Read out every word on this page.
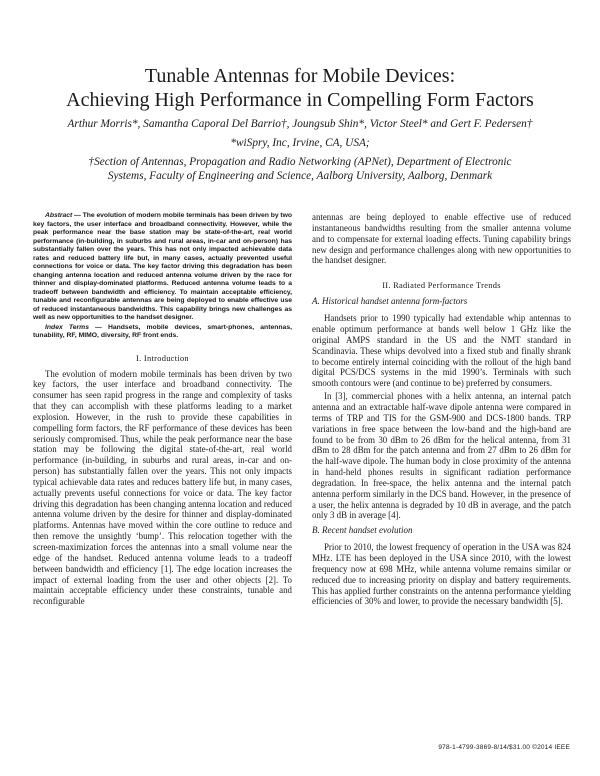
Tunable Antennas for Mobile Devices:
Achieving High Performance in Compelling Form Factors
Arthur Morris*, Samantha Caporal Del Barrio†, Joungsub Shin*, Victor Steel* and Gert F. Pedersen†
*wiSpry, Inc, Irvine, CA, USA;
†Section of Antennas, Propagation and Radio Networking (APNet), Department of Electronic
Systems, Faculty of Engineering and Science, Aalborg University, Aalborg, Denmark

Abstract — The evolution of modern mobile terminals has been driven by two key factors, the user interface and broadband connectivity. However, while the peak performance near the base station may be state-of-the-art, real world performance (in-building, in suburbs and rural areas, in-car and on-person) has substantially fallen over the years. This has not only impacted achievable data rates and reduced battery life but, in many cases, actually prevented useful connections for voice or data. The key factor driving this degradation has been changing antenna location and reduced antenna volume driven by the race for thinner and display-dominated platforms. Reduced antenna volume leads to a tradeoff between bandwidth and efficiency. To maintain acceptable efficiency, tunable and reconfigurable antennas are being deployed to enable effective use of reduced instantaneous bandwidths. This capability brings new challenges as well as new opportunities to the handset designer.

Index Terms — Handsets, mobile devices, smart-phones, antennas, tunability, RF, MIMO, diversity, RF front ends.

I. Introduction

The evolution of modern mobile terminals has been driven by two key factors, the user interface and broadband connectivity. The consumer has seen rapid progress in the range and complexity of tasks that they can accomplish with these platforms leading to a market explosion. However, in the rush to provide these capabilities in compelling form factors, the RF performance of these devices has been seriously compromised. Thus, while the peak performance near the base station may be following the digital state-of-the-art, real world performance (in-building, in suburbs and rural areas, in-car and on-person) has substantially fallen over the years. This not only impacts typical achievable data rates and reduces battery life but, in many cases, actually prevents useful connections for voice or data. The key factor driving this degradation has been changing antenna location and reduced antenna volume driven by the desire for thinner and display-dominated platforms. Antennas have moved within the core outline to reduce and then remove the unsightly ‘bump’. This relocation together with the screen-maximization forces the antennas into a small volume near the edge of the handset. Reduced antenna volume leads to a tradeoff between bandwidth and efficiency [1]. The edge location increases the impact of external loading from the user and other objects [2]. To maintain acceptable efficiency under these constraints, tunable and reconfigurable

antennas are being deployed to enable effective use of reduced instantaneous bandwidths resulting from the smaller antenna volume and to compensate for external loading effects. Tuning capability brings new design and performance challenges along with new opportunities to the handset designer.

II. Radiated Performance Trends
A. Historical handset antenna form-factors

Handsets prior to 1990 typically had extendable whip antennas to enable optimum performance at bands well below 1 GHz like the original AMPS standard in the US and the NMT standard in Scandinavia. These whips devolved into a fixed stub and finally shrank to become entirely internal coinciding with the rollout of the high band digital PCS/DCS systems in the mid 1990’s. Terminals with such smooth contours were (and continue to be) preferred by consumers.

In [3], commercial phones with a helix antenna, an internal patch antenna and an extractable half-wave dipole antenna were compared in terms of TRP and TIS for the GSM-900 and DCS-1800 bands. TRP variations in free space between the low-band and the high-band are found to be from 30 dBm to 26 dBm for the helical antenna, from 31 dBm to 28 dBm for the patch antenna and from 27 dBm to 26 dBm for the half-wave dipole. The human body in close proximity of the antenna in hand-held phones results in significant radiation performance degradation. In free-space, the helix antenna and the internal patch antenna perform similarly in the DCS band. However, in the presence of a user, the helix antenna is degraded by 10 dB in average, and the patch only 3 dB in average [4].

B. Recent handset evolution

Prior to 2010, the lowest frequency of operation in the USA was 824 MHz. LTE has been deployed in the USA since 2010, with the lowest frequency now at 698 MHz, while antenna volume remains similar or reduced due to increasing priority on display and battery requirements. This has applied further constraints on the antenna performance yielding efficiencies of 30% and lower, to provide the necessary bandwidth [5].

978-1-4799-3869-8/14/$31.00 ©2014 IEEE
